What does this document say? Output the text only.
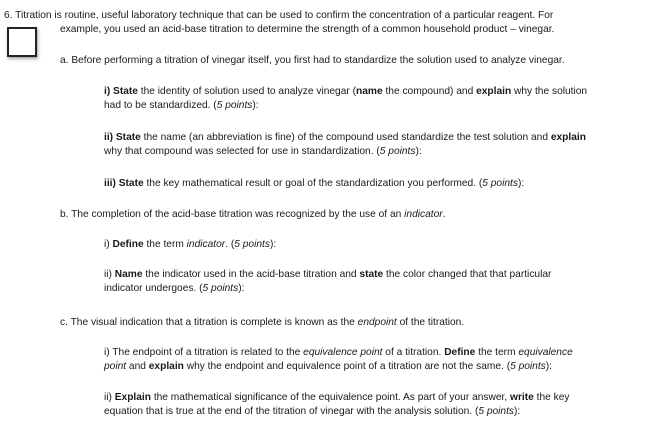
6. Titration is routine, useful laboratory technique that can be used to confirm the concentration of a particular reagent. For
example, you used an acid-base titration to determine the strength of a common household product – vinegar.
a. Before performing a titration of vinegar itself, you first had to standardize the solution used to analyze vinegar.
i) State the identity of solution used to analyze vinegar (name the compound) and explain why the solution
had to be standardized. (5 points):
ii) State the name (an abbreviation is fine) of the compound used standardize the test solution and explain
why that compound was selected for use in standardization. (5 points):
iii) State the key mathematical result or goal of the standardization you performed. (5 points):
b. The completion of the acid-base titration was recognized by the use of an indicator.
i) Define the term indicator. (5 points):
ii) Name the indicator used in the acid-base titration and state the color changed that that particular
indicator undergoes. (5 points):
c. The visual indication that a titration is complete is known as the endpoint of the titration.
i) The endpoint of a titration is related to the equivalence point of a titration. Define the term equivalence
point and explain why the endpoint and equivalence point of a titration are not the same. (5 points):
ii) Explain the mathematical significance of the equivalence point. As part of your answer, write the key
equation that is true at the end of the titration of vinegar with the analysis solution. (5 points):
